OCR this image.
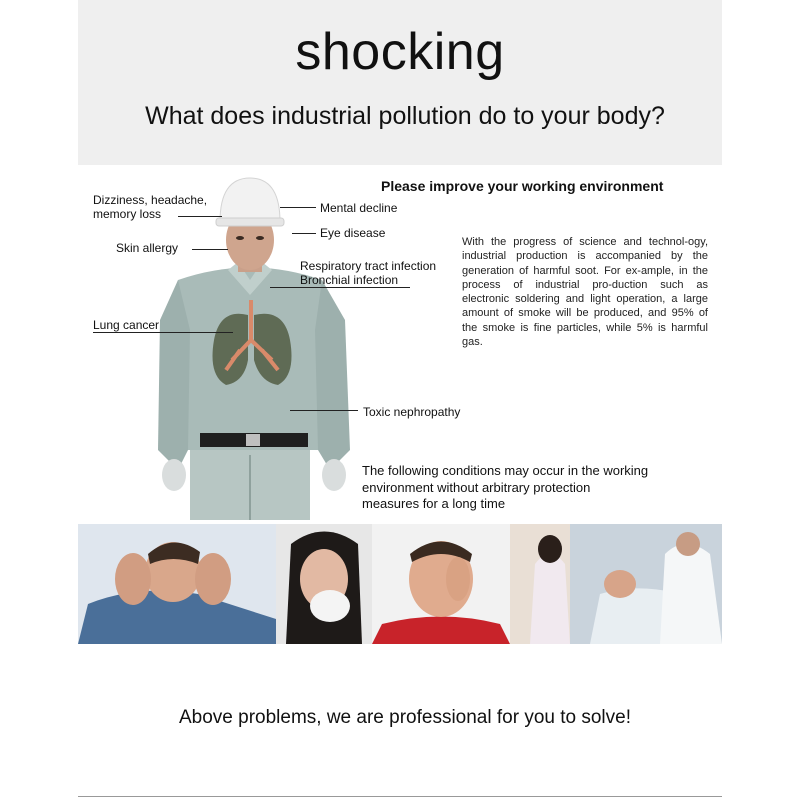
shocking
What does industrial pollution do to your body?
Dizziness, headache,
memory loss
Skin allergy
Lung cancer
Mental decline
Eye disease
Respiratory tract infection
Bronchial infection
Toxic nephropathy
Please improve your working environment
With the progress of science and technol-ogy, industrial production is accompanied by the generation of harmful soot. For ex-ample, in the process of industrial pro-duction such as electronic soldering and light operation, a large amount of smoke will be produced, and 95% of the smoke is fine particles, while 5% is harmful gas.
The following conditions may occur in the working
environment without arbitrary protection
measures for a long time
Above problems, we are professional for you to solve!
